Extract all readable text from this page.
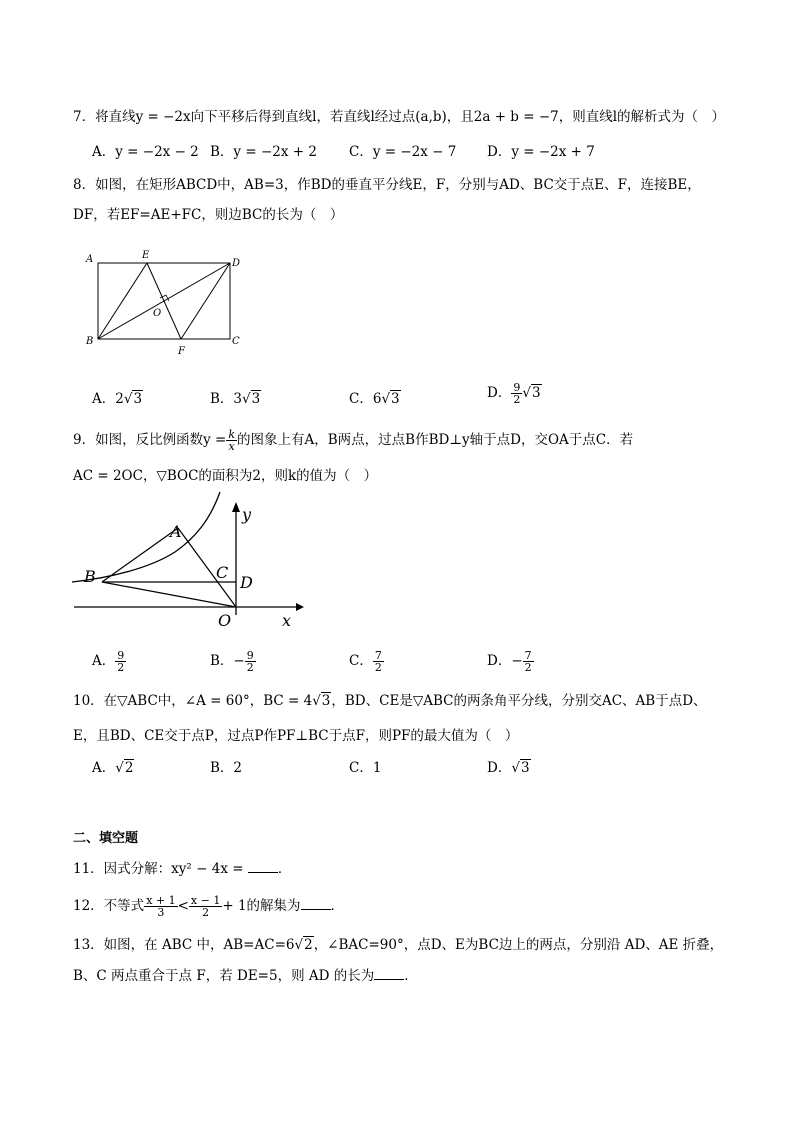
7．将直线y = −2x向下平移后得到直线l，若直线l经过点(a,b)，且2a + b = −7，则直线l的解析式为（　）
A．y = −2x − 2 B．y = −2x + 2 C．y = −2x − 7 D．y = −2x + 7
8．如图，在矩形ABCD中，AB=3，作BD的垂直平分线E，F，分别与AD、BC交于点E、F，连接BE，
DF，若EF=AE+FC，则边BC的长为（　）
A	E
D
O
B
F
C
A．2√3	B．3√3	C．6√3	D． $\frac{9}{2} √3$
9．如图，反比例函数$y = \frac{k}{x}$ 的图象上有A，B两点，过点B作BD⊥y轴于点D，交OA于点C．若
AC = 2OC，▽BOC的面积为2，则k的值为（　）
A
B	C
D
O	x
y
A． $\frac{9}{2}$	B．− $\frac{9}{2}$	C． $\frac{7}{2}$	D．− $\frac{7}{2}$
10．在▽ABC中，∠A = 60°，BC = 4√3，BD、CE是▽ABC的两条角平分线，分别交AC、AB于点D、
E，且BD、CE交于点P，过点P作PF⊥BC于点F，则PF的最大值为（　）
A．√2	B．2	C．1	D．√3
二、填空题
11．因式分解：xy² − 4x =	．
12．不等式 $\frac{x + 1}{3} < \frac{x - 1}{2} + 1$的解集为 ．
13．如图，在 ABC 中，AB=AC=6√2，∠BAC=90°，点D、E为BC边上的两点，分别沿 AD、AE 折叠，
B、C 两点重合于点 F，若 DE=5，则 AD 的长为 ．
